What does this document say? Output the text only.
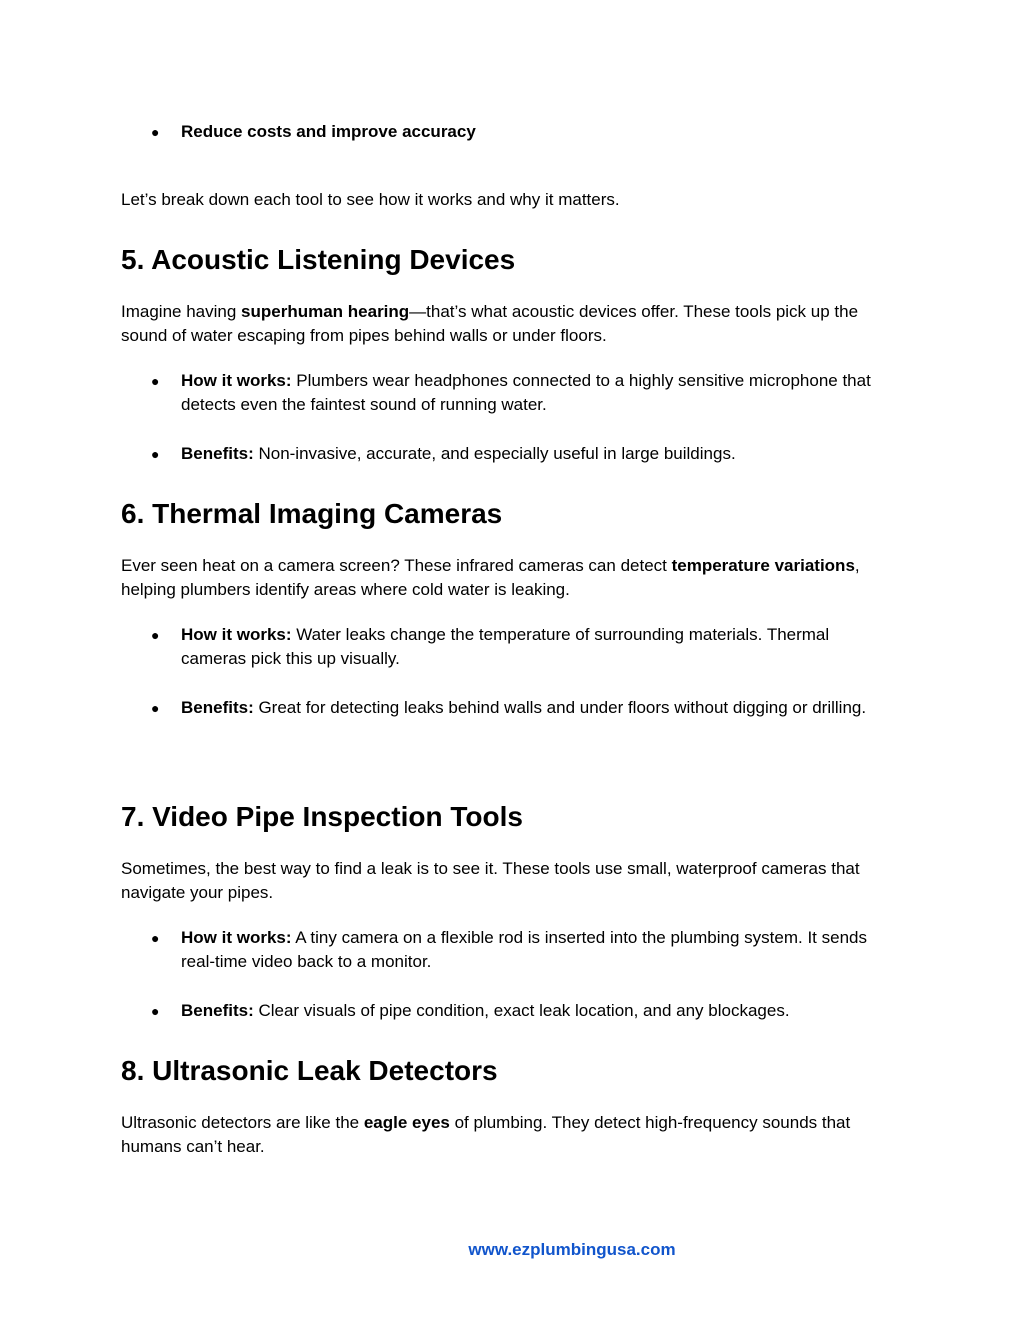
● Reduce costs and improve accuracy

Let’s break down each tool to see how it works and why it matters.

5. Acoustic Listening Devices

Imagine having superhuman hearing—that’s what acoustic devices offer. These tools pick up the sound of water escaping from pipes behind walls or under floors.

● How it works: Plumbers wear headphones connected to a highly sensitive microphone that detects even the faintest sound of running water.
● Benefits: Non-invasive, accurate, and especially useful in large buildings.
6. Thermal Imaging Cameras

Ever seen heat on a camera screen? These infrared cameras can detect temperature variations, helping plumbers identify areas where cold water is leaking.

● How it works: Water leaks change the temperature of surrounding materials. Thermal cameras pick this up visually.
● Benefits: Great for detecting leaks behind walls and under floors without digging or drilling.
7. Video Pipe Inspection Tools

Sometimes, the best way to find a leak is to see it. These tools use small, waterproof cameras that navigate your pipes.

● How it works: A tiny camera on a flexible rod is inserted into the plumbing system. It sends real-time video back to a monitor.
● Benefits: Clear visuals of pipe condition, exact leak location, and any blockages.
8. Ultrasonic Leak Detectors

Ultrasonic detectors are like the eagle eyes of plumbing. They detect high-frequency sounds that humans can’t hear.

www.ezplumbingusa.com
